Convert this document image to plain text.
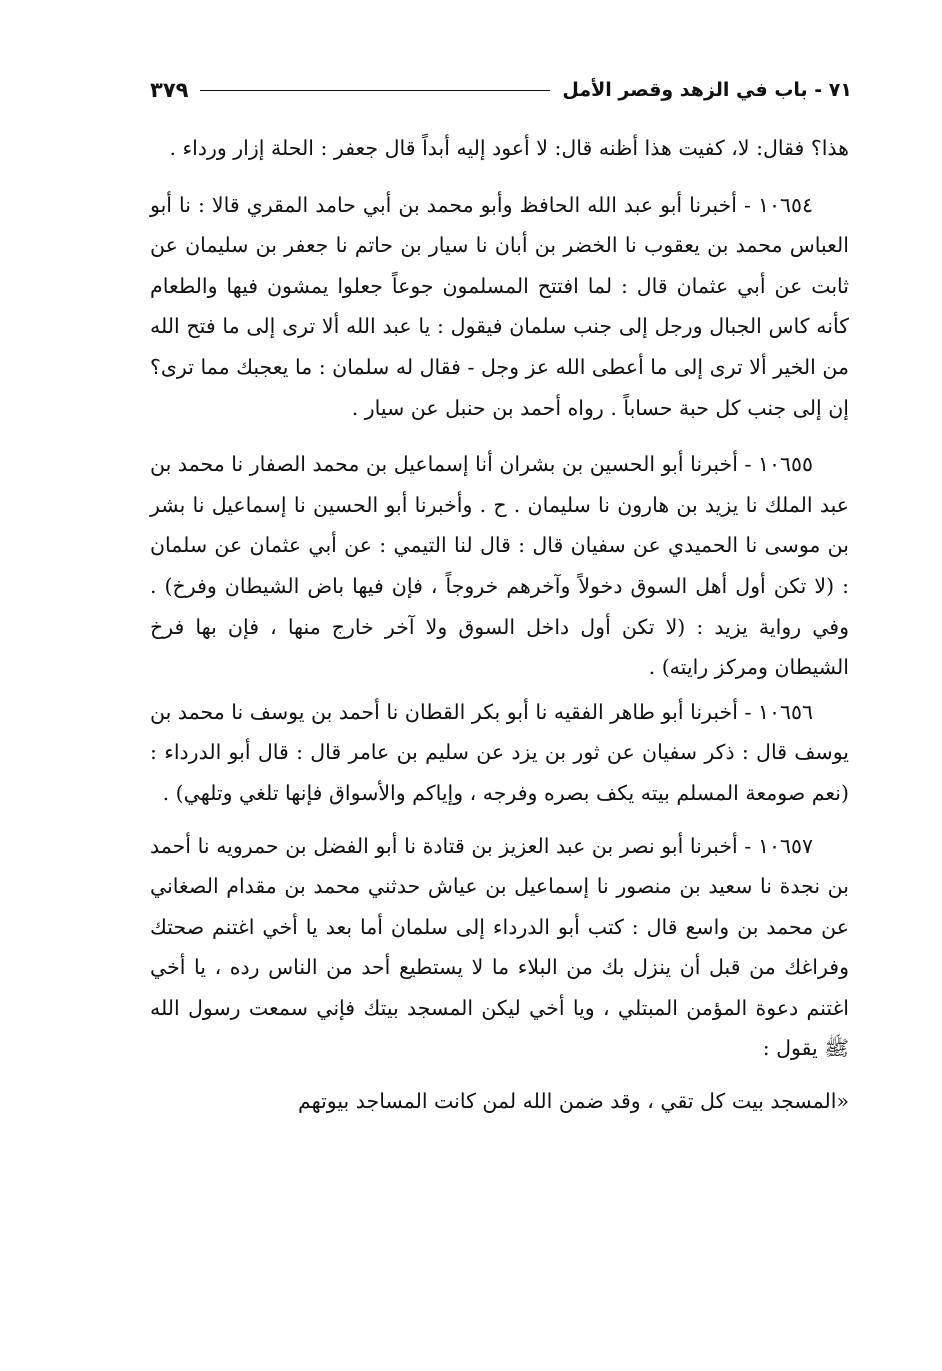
٧١ - باب في الزهد وقصر الأمل
٣٧٩

هذا؟ فقال: لا، كفيت هذا أظنه قال: لا أعود إليه أبداً قال جعفر : الحلة إزار ورداء .

١٠٦٥٤ - أخبرنا أبو عبد الله الحافظ وأبو محمد بن أبي حامد المقري قالا : نا أبو العباس محمد بن يعقوب نا الخضر بن أبان نا سيار بن حاتم نا جعفر بن سليمان عن ثابت عن أبي عثمان قال : لما افتتح المسلمون جوعاً جعلوا يمشون فيها والطعام كأنه كاس الجبال ورجل إلى جنب سلمان فيقول : يا عبد الله ألا ترى إلى ما فتح الله من الخير ألا ترى إلى ما أعطى الله عز وجل - فقال له سلمان : ما يعجبك مما ترى؟ إن إلى جنب كل حبة حساباً . رواه أحمد بن حنبل عن سيار .

١٠٦٥٥ - أخبرنا أبو الحسين بن بشران أنا إسماعيل بن محمد الصفار نا محمد بن عبد الملك نا يزيد بن هارون نا سليمان . ح . وأخبرنا أبو الحسين نا إسماعيل نا بشر بن موسى نا الحميدي عن سفيان قال : قال لنا التيمي : عن أبي عثمان عن سلمان : (لا تكن أول أهل السوق دخولاً وآخرهم خروجاً ، فإن فيها باض الشيطان وفرخ) . وفي رواية يزيد : (لا تكن أول داخل السوق ولا آخر خارج منها ، فإن بها فرخ الشيطان ومركز رايته) .

١٠٦٥٦ - أخبرنا أبو طاهر الفقيه نا أبو بكر القطان نا أحمد بن يوسف نا محمد بن يوسف قال : ذكر سفيان عن ثور بن يزد عن سليم بن عامر قال : قال أبو الدرداء : (نعم صومعة المسلم بيته يكف بصره وفرجه ، وإياكم والأسواق فإنها تلغي وتلهي) .

١٠٦٥٧ - أخبرنا أبو نصر بن عبد العزيز بن قتادة نا أبو الفضل بن حمرويه نا أحمد بن نجدة نا سعيد بن منصور نا إسماعيل بن عياش حدثني محمد بن مقدام الصغاني عن محمد بن واسع قال : كتب أبو الدرداء إلى سلمان أما بعد يا أخي اغتنم صحتك وفراغك من قبل أن ينزل بك من البلاء ما لا يستطيع أحد من الناس رده ، يا أخي اغتنم دعوة المؤمن المبتلي ، ويا أخي ليكن المسجد بيتك فإني سمعت رسول الله ﷺ يقول :

«المسجد بيت كل تقي ، وقد ضمن الله لمن كانت المساجد بيوتهم
